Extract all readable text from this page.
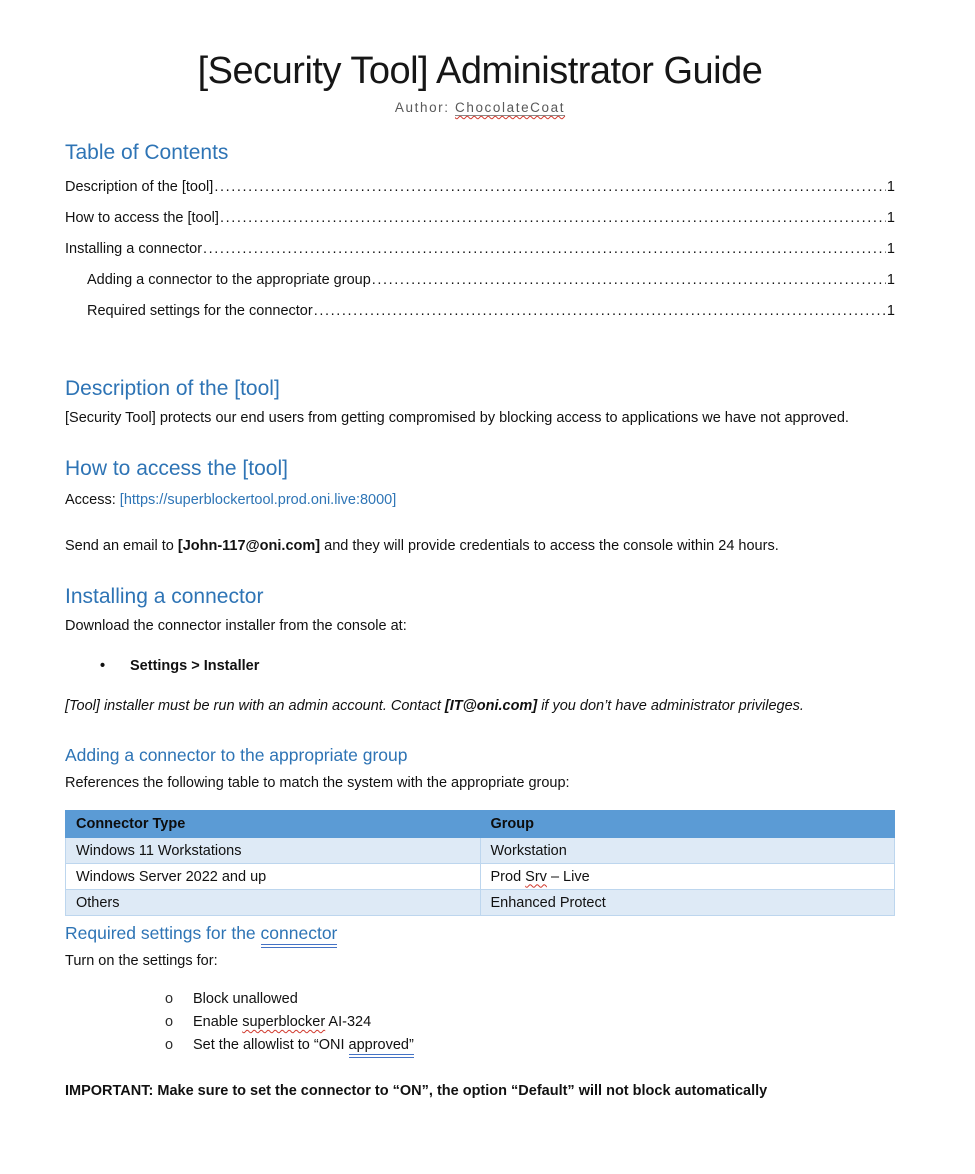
[Security Tool] Administrator Guide

Author: ChocolateCoat

Table of Contents
Description of the [tool] .....	1
How to access the [tool] .....	1
Installing a connector .....	1
Adding a connector to the appropriate group .....	1
Required settings for the connector .....	1
Description of the [tool]

[Security Tool] protects our end users from getting compromised by blocking access to applications we have not approved.

How to access the [tool]

Access: [https://superblockertool.prod.oni.live:8000]

Send an email to [John-117@oni.com] and they will provide credentials to access the console within 24 hours.

Installing a connector

Download the connector installer from the console at:

•	Settings > Installer

[Tool] installer must be run with an admin account. Contact [IT@oni.com] if you don’t have administrator privileges.

Adding a connector to the appropriate group

References the following table to match the system with the appropriate group:

Connector Type	Group
Windows 11 Workstations	Workstation
Windows Server 2022 and up	Prod Srv – Live
Others	Enhanced Protect
Required settings for the connector

Turn on the settings for:

o	Block unallowed
o	Enable superblocker AI-324
o	Set the allowlist to “ONI approved”

IMPORTANT: Make sure to set the connector to “ON”, the option “Default” will not block automatically
